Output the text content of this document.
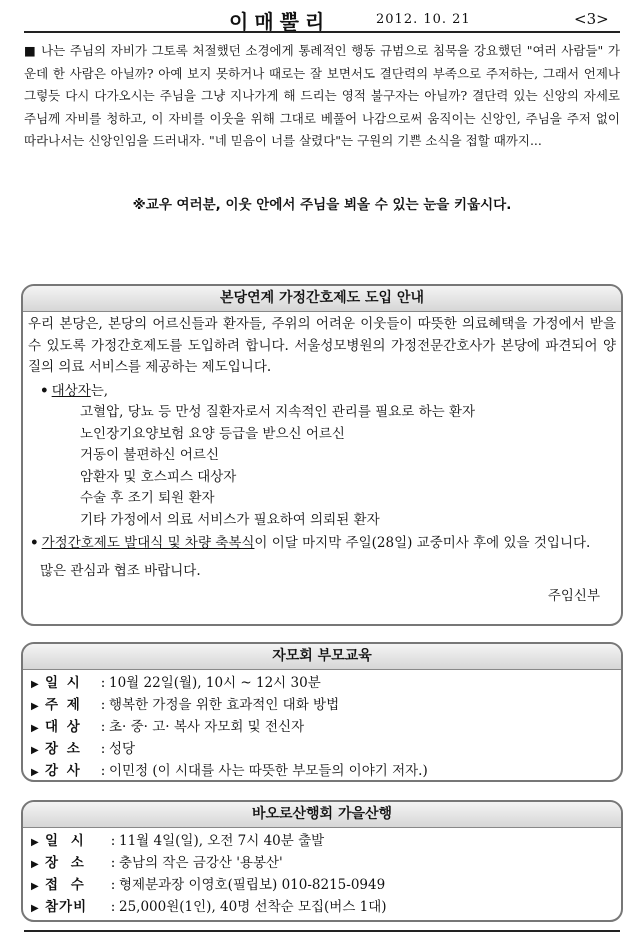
이매뿔리	2012. 10. 21	<3>
■ 나는 주님의 자비가 그토록 처절했던 소경에게 통례적인 행동 규범으로 침묵을 강요했던 "여러 사람들" 가운데 한 사람은 아닐까? 아예 보지 못하거나 때로는 잘 보면서도 결단력의 부족으로 주저하는, 그래서 언제나 그렇듯 다시 다가오시는 주님을 그냥 지나가게 해 드리는 영적 불구자는 아닐까? 결단력 있는 신앙의 자세로 주님께 자비를 청하고, 이 자비를 이웃을 위해 그대로 베풀어 나감으로써 움직이는 신앙인, 주님을 주저 없이 따라나서는 신앙인임을 드러내자. "네 믿음이 너를 살렸다"는 구원의 기쁜 소식을 접할 때까지...
※교우 여러분, 이웃 안에서 주님을 뵈올 수 있는 눈을 키웁시다.
본당연계 가정간호제도 도입 안내
우리 본당은, 본당의 어르신들과 환자들, 주위의 어려운 이웃들이 따뜻한 의료혜택을 가정에서 받을 수 있도록 가정간호제도를 도입하려 합니다. 서울성모병원의 가정전문간호사가 본당에 파견되어 양질의 의료 서비스를 제공하는 제도입니다.
• 대상자는,
고혈압, 당뇨 등 만성 질환자로서 지속적인 관리를 필요로 하는 환자
노인장기요양보험 요양 등급을 받으신 어르신
거동이 불편하신 어르신
암환자 및 호스피스 대상자
수술 후 조기 퇴원 환자
기타 가정에서 의료 서비스가 필요하여 의뢰된 환자
• 가정간호제도 발대식 및 차량 축복식이 이달 마지막 주일(28일) 교중미사 후에 있을 것입니다.
많은 관심과 협조 바랍니다.
주임신부
자모회 부모교육
▶ 일 시	: 10월 22일(월), 10시 ~ 12시 30분
▶ 주 제	: 행복한 가정을 위한 효과적인 대화 방법
▶ 대 상	: 초· 중· 고· 복사 자모회 및 전신자
▶ 장 소	: 성당
▶ 강 사	: 이민정 (이 시대를 사는 따뜻한 부모들의 이야기 저자.)
바오로산행회 가을산행
▶ 일 시	: 11월 4일(일), 오전 7시 40분 출발
▶ 장 소	: 충남의 작은 금강산 '용봉산'
▶ 접 수	: 형제분과장 이영호(필립보) 010-8215-0949
▶ 참가비	: 25,000원(1인), 40명 선착순 모집(버스 1대)
